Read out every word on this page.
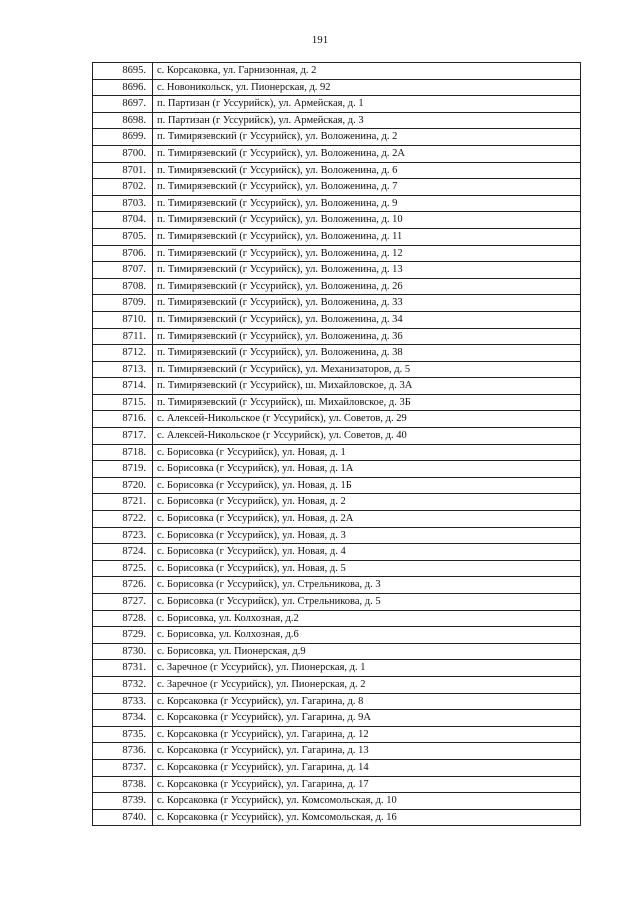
191
8695.	с. Корсаковка, ул. Гарнизонная, д. 2
8696.	с. Новоникольск, ул. Пионерская, д. 92
8697.	п. Партизан (г Уссурийск), ул. Армейская, д. 1
8698.	п. Партизан (г Уссурийск), ул. Армейская, д. 3
8699.	п. Тимирязевский (г Уссурийск), ул. Воложенина, д. 2
8700.	п. Тимирязевский (г Уссурийск), ул. Воложенина, д. 2А
8701.	п. Тимирязевский (г Уссурийск), ул. Воложенина, д. 6
8702.	п. Тимирязевский (г Уссурийск), ул. Воложенина, д. 7
8703.	п. Тимирязевский (г Уссурийск), ул. Воложенина, д. 9
8704.	п. Тимирязевский (г Уссурийск), ул. Воложенина, д. 10
8705.	п. Тимирязевский (г Уссурийск), ул. Воложенина, д. 11
8706.	п. Тимирязевский (г Уссурийск), ул. Воложенина, д. 12
8707.	п. Тимирязевский (г Уссурийск), ул. Воложенина, д. 13
8708.	п. Тимирязевский (г Уссурийск), ул. Воложенина, д. 26
8709.	п. Тимирязевский (г Уссурийск), ул. Воложенина, д. 33
8710.	п. Тимирязевский (г Уссурийск), ул. Воложенина, д. 34
8711.	п. Тимирязевский (г Уссурийск), ул. Воложенина, д. 36
8712.	п. Тимирязевский (г Уссурийск), ул. Воложенина, д. 38
8713.	п. Тимирязевский (г Уссурийск), ул. Механизаторов, д. 5
8714.	п. Тимирязевский (г Уссурийск), ш. Михайловское, д. 3А
8715.	п. Тимирязевский (г Уссурийск), ш. Михайловское, д. 3Б
8716.	с. Алексей-Никольское (г Уссурийск), ул. Советов, д. 29
8717.	с. Алексей-Никольское (г Уссурийск), ул. Советов, д. 40
8718.	с. Борисовка (г Уссурийск), ул. Новая, д. 1
8719.	с. Борисовка (г Уссурийск), ул. Новая, д. 1А
8720.	с. Борисовка (г Уссурийск), ул. Новая, д. 1Б
8721.	с. Борисовка (г Уссурийск), ул. Новая, д. 2
8722.	с. Борисовка (г Уссурийск), ул. Новая, д. 2А
8723.	с. Борисовка (г Уссурийск), ул. Новая, д. 3
8724.	с. Борисовка (г Уссурийск), ул. Новая, д. 4
8725.	с. Борисовка (г Уссурийск), ул. Новая, д. 5
8726.	с. Борисовка (г Уссурийск), ул. Стрельникова, д. 3
8727.	с. Борисовка (г Уссурийск), ул. Стрельникова, д. 5
8728.	с. Борисовка, ул. Колхозная, д.2
8729.	с. Борисовка, ул. Колхозная, д.6
8730.	с. Борисовка, ул. Пионерская, д.9
8731.	с. Заречное (г Уссурийск), ул. Пионерская, д. 1
8732.	с. Заречное (г Уссурийск), ул. Пионерская, д. 2
8733.	с. Корсаковка (г Уссурийск), ул. Гагарина, д. 8
8734.	с. Корсаковка (г Уссурийск), ул. Гагарина, д. 9А
8735.	с. Корсаковка (г Уссурийск), ул. Гагарина, д. 12
8736.	с. Корсаковка (г Уссурийск), ул. Гагарина, д. 13
8737.	с. Корсаковка (г Уссурийск), ул. Гагарина, д. 14
8738.	с. Корсаковка (г Уссурийск), ул. Гагарина, д. 17
8739.	с. Корсаковка (г Уссурийск), ул. Комсомольская, д. 10
8740.	с. Корсаковка (г Уссурийск), ул. Комсомольская, д. 16
